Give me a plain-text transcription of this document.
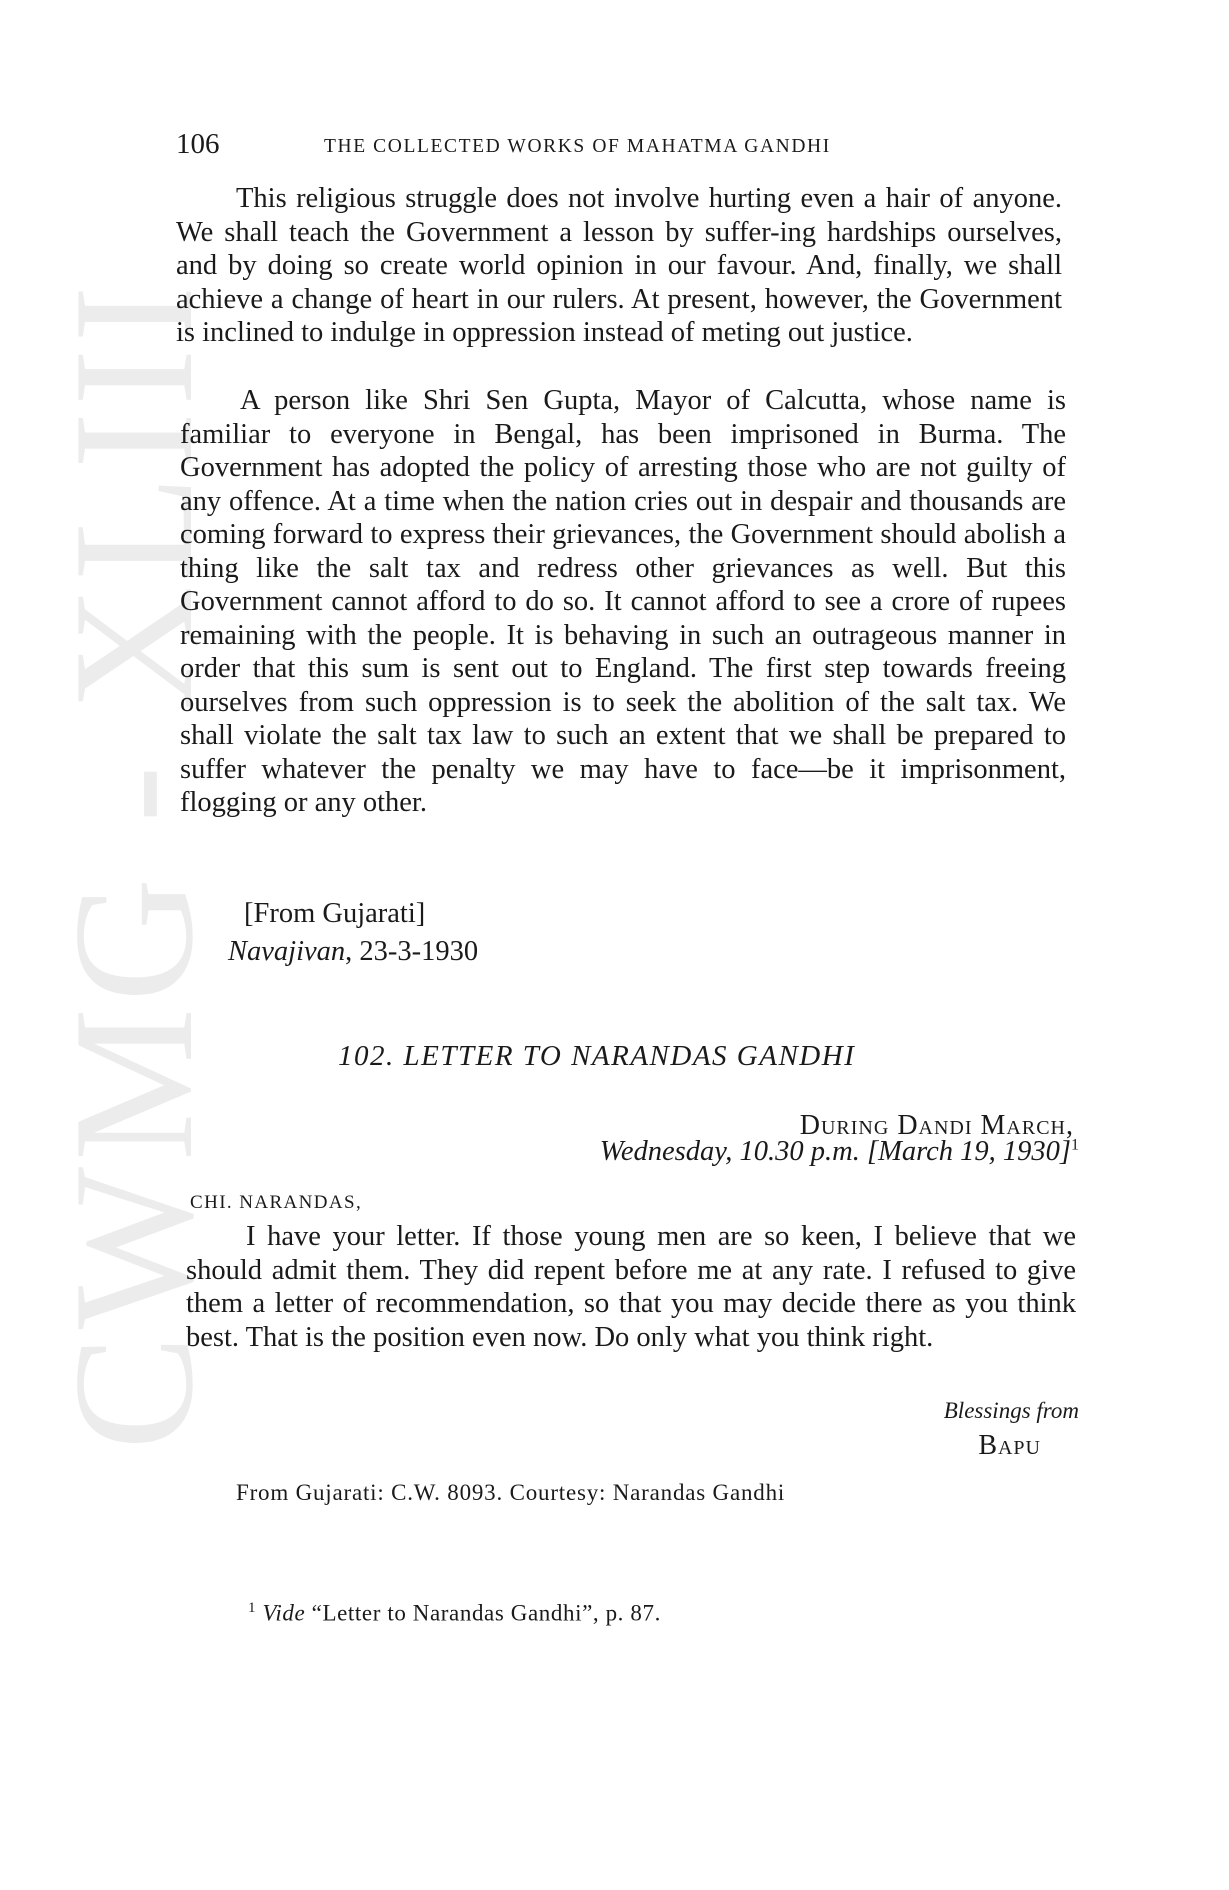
CWMG - XLIII
106	THE COLLECTED WORKS OF MAHATMA GANDHI

This religious struggle does not involve hurting even a hair of anyone. We shall teach the Government a lesson by suffer-ing hardships ourselves, and by doing so create world opinion in our favour. And, finally, we shall achieve a change of heart in our rulers. At present, however, the Government is inclined to indulge in oppression instead of meting out justice.

A person like Shri Sen Gupta, Mayor of Calcutta, whose name is familiar to everyone in Bengal, has been imprisoned in Burma. The Government has adopted the policy of arresting those who are not guilty of any offence. At a time when the nation cries out in despair and thousands are coming forward to express their grievances, the Government should abolish a thing like the salt tax and redress other grievances as well. But this Government cannot afford to do so. It cannot afford to see a crore of rupees remaining with the people. It is behaving in such an outrageous manner in order that this sum is sent out to England. The first step towards freeing ourselves from such oppression is to seek the abolition of the salt tax. We shall violate the salt tax law to such an extent that we shall be prepared to suffer whatever the penalty we may have to face—be it imprisonment, flogging or any other.

[From Gujarati]
Navajivan, 23-3-1930
102. LETTER TO NARANDAS GANDHI
During Dandi March,
Wednesday, 10.30 p.m. [March 19, 1930]$^1$
CHI. NARANDAS,

I have your letter. If those young men are so keen, I believe that we should admit them. They did repent before me at any rate. I refused to give them a letter of recommendation, so that you may decide there as you think best. That is the position even now. Do only what you think right.

Blessings from
Bapu
From Gujarati: C.W. 8093. Courtesy: Narandas Gandhi
$^1$ Vide “Letter to Narandas Gandhi”, p. 87.
